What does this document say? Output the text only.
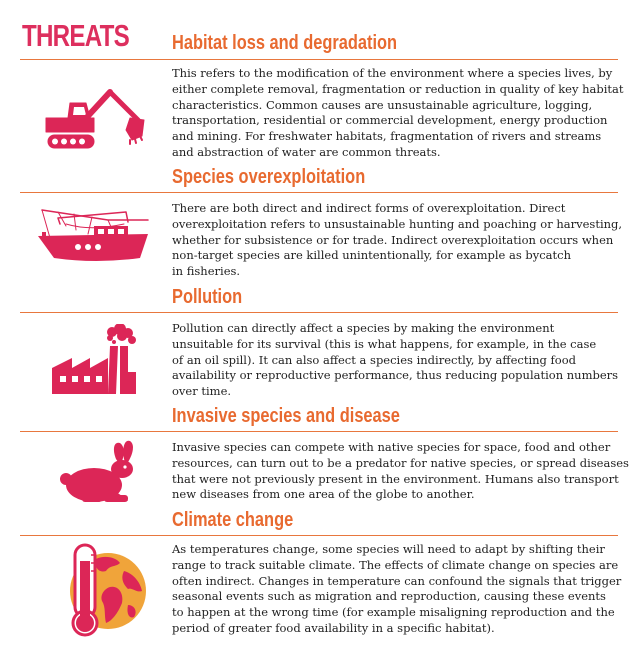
THREATS Habitat loss and degradation

This refers to the modification of the environment where a species lives, by
either complete removal, fragmentation or reduction in quality of key habitat
characteristics. Common causes are unsustainable agriculture, logging,
transportation, residential or commercial development, energy production
and mining. For freshwater habitats, fragmentation of rivers and streams
and abstraction of water are common threats.

Species overexploitation

There are both direct and indirect forms of overexploitation. Direct
overexploitation refers to unsustainable hunting and poaching or harvesting,
whether for subsistence or for trade. Indirect overexploitation occurs when
non-target species are killed unintentionally, for example as bycatch
in fisheries.

Pollution

Pollution can directly affect a species by making the environment
unsuitable for its survival (this is what happens, for example, in the case
of an oil spill). It can also affect a species indirectly, by affecting food
availability or reproductive performance, thus reducing population numbers
over time.

Invasive species and disease

Invasive species can compete with native species for space, food and other
resources, can turn out to be a predator for native species, or spread diseases
that were not previously present in the environment. Humans also transport
new diseases from one area of the globe to another.

Climate change

As temperatures change, some species will need to adapt by shifting their
range to track suitable climate. The effects of climate change on species are
often indirect. Changes in temperature can confound the signals that trigger
seasonal events such as migration and reproduction, causing these events
to happen at the wrong time (for example misaligning reproduction and the
period of greater food availability in a specific habitat).
